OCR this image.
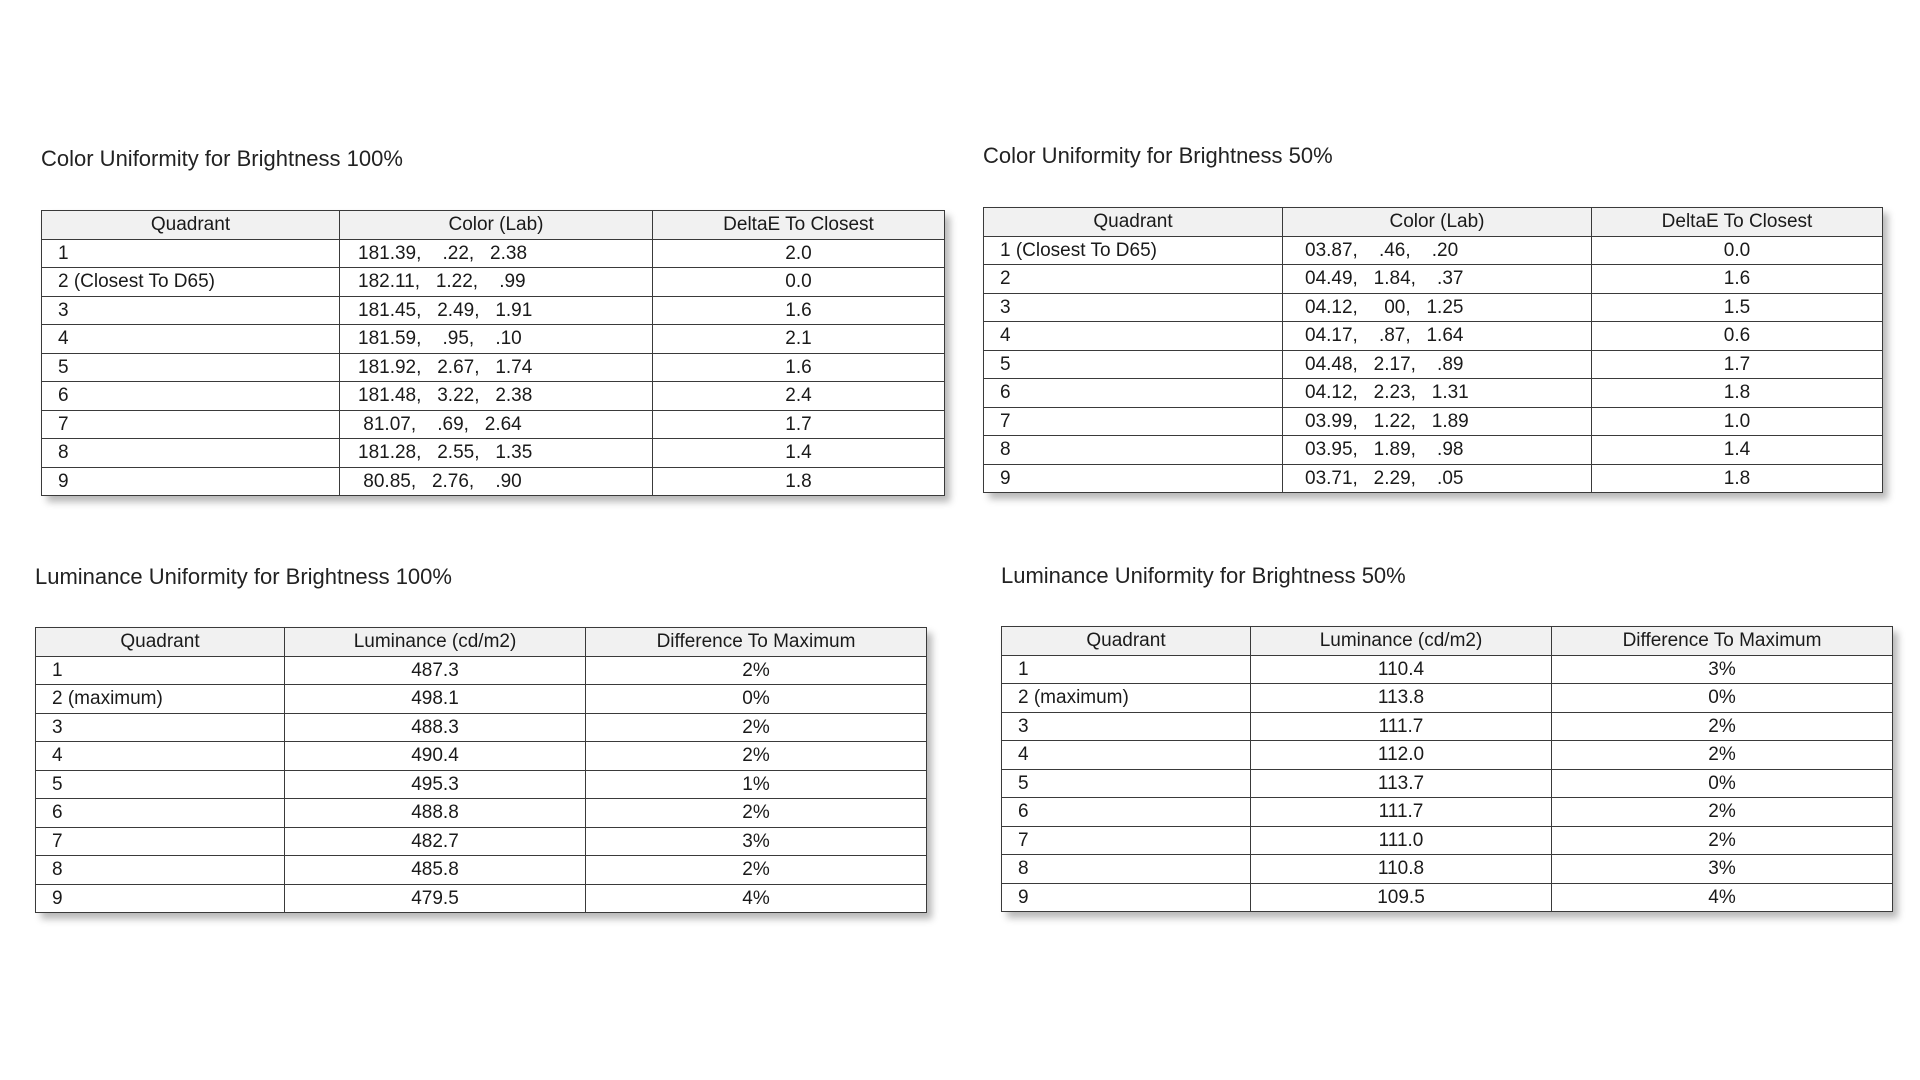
Color Uniformity for Brightness 100%
Quadrant	Color (Lab)	DeltaE To Closest
1	181.39,    .22,   2.38	2.0
2 (Closest To D65)	182.11,   1.22,    .99	0.0
3	181.45,   2.49,   1.91	1.6
4	181.59,    .95,    .10	2.1
5	181.92,   2.67,   1.74	1.6
6	181.48,   3.22,   2.38	2.4
7	81.07,    .69,   2.64	1.7
8	181.28,   2.55,   1.35	1.4
9	80.85,   2.76,    .90	1.8
Color Uniformity for Brightness 50%
Quadrant	Color (Lab)	DeltaE To Closest
1 (Closest To D65)	03.87,    .46,    .20	0.0
2	04.49,   1.84,    .37	1.6
3	04.12,     00,   1.25	1.5
4	04.17,    .87,   1.64	0.6
5	04.48,   2.17,    .89	1.7
6	04.12,   2.23,   1.31	1.8
7	03.99,   1.22,   1.89	1.0
8	03.95,   1.89,    .98	1.4
9	03.71,   2.29,    .05	1.8
Luminance Uniformity for Brightness 100%
Quadrant	Luminance (cd/m2)	Difference To Maximum
1	487.3	2%
2 (maximum)	498.1	0%
3	488.3	2%
4	490.4	2%
5	495.3	1%
6	488.8	2%
7	482.7	3%
8	485.8	2%
9	479.5	4%
Luminance Uniformity for Brightness 50%
Quadrant	Luminance (cd/m2)	Difference To Maximum
1	110.4	3%
2 (maximum)	113.8	0%
3	111.7	2%
4	112.0	2%
5	113.7	0%
6	111.7	2%
7	111.0	2%
8	110.8	3%
9	109.5	4%
